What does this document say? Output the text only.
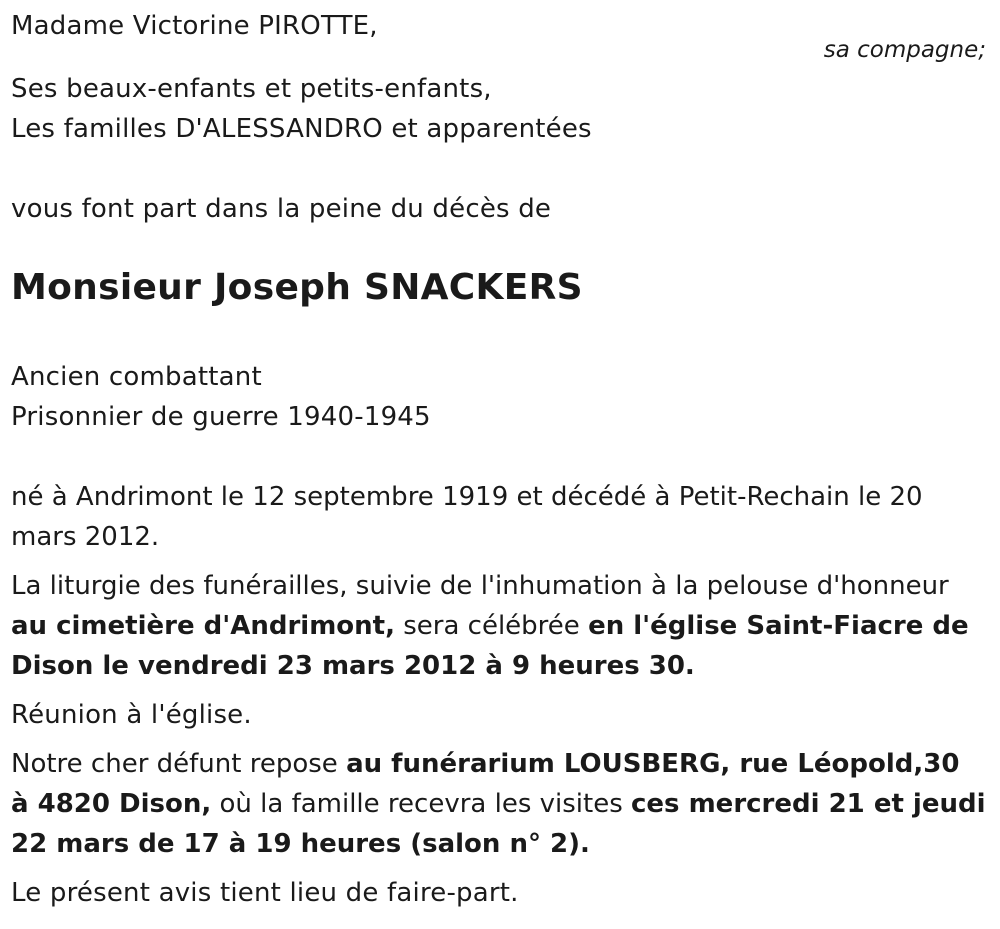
Madame Victorine PIROTTE,
sa compagne;
Ses beaux-enfants et petits-enfants,
Les familles D'ALESSANDRO et apparentées
vous font part dans la peine du décès de
Monsieur Joseph SNACKERS
Ancien combattant
Prisonnier de guerre 1940-1945
né à Andrimont le 12 septembre 1919 et décédé à Petit-Rechain le 20 mars 2012.
La liturgie des funérailles, suivie de l'inhumation à la pelouse d'honneur au cimetière d'Andrimont, sera célébrée en l'église Saint-Fiacre de Dison le vendredi 23 mars 2012 à 9 heures 30.
Réunion à l'église.
Notre cher défunt repose au funérarium LOUSBERG, rue Léopold,30 à 4820 Dison, où la famille recevra les visites ces mercredi 21 et jeudi 22 mars de 17 à 19 heures (salon n° 2).
Le présent avis tient lieu de faire-part.
